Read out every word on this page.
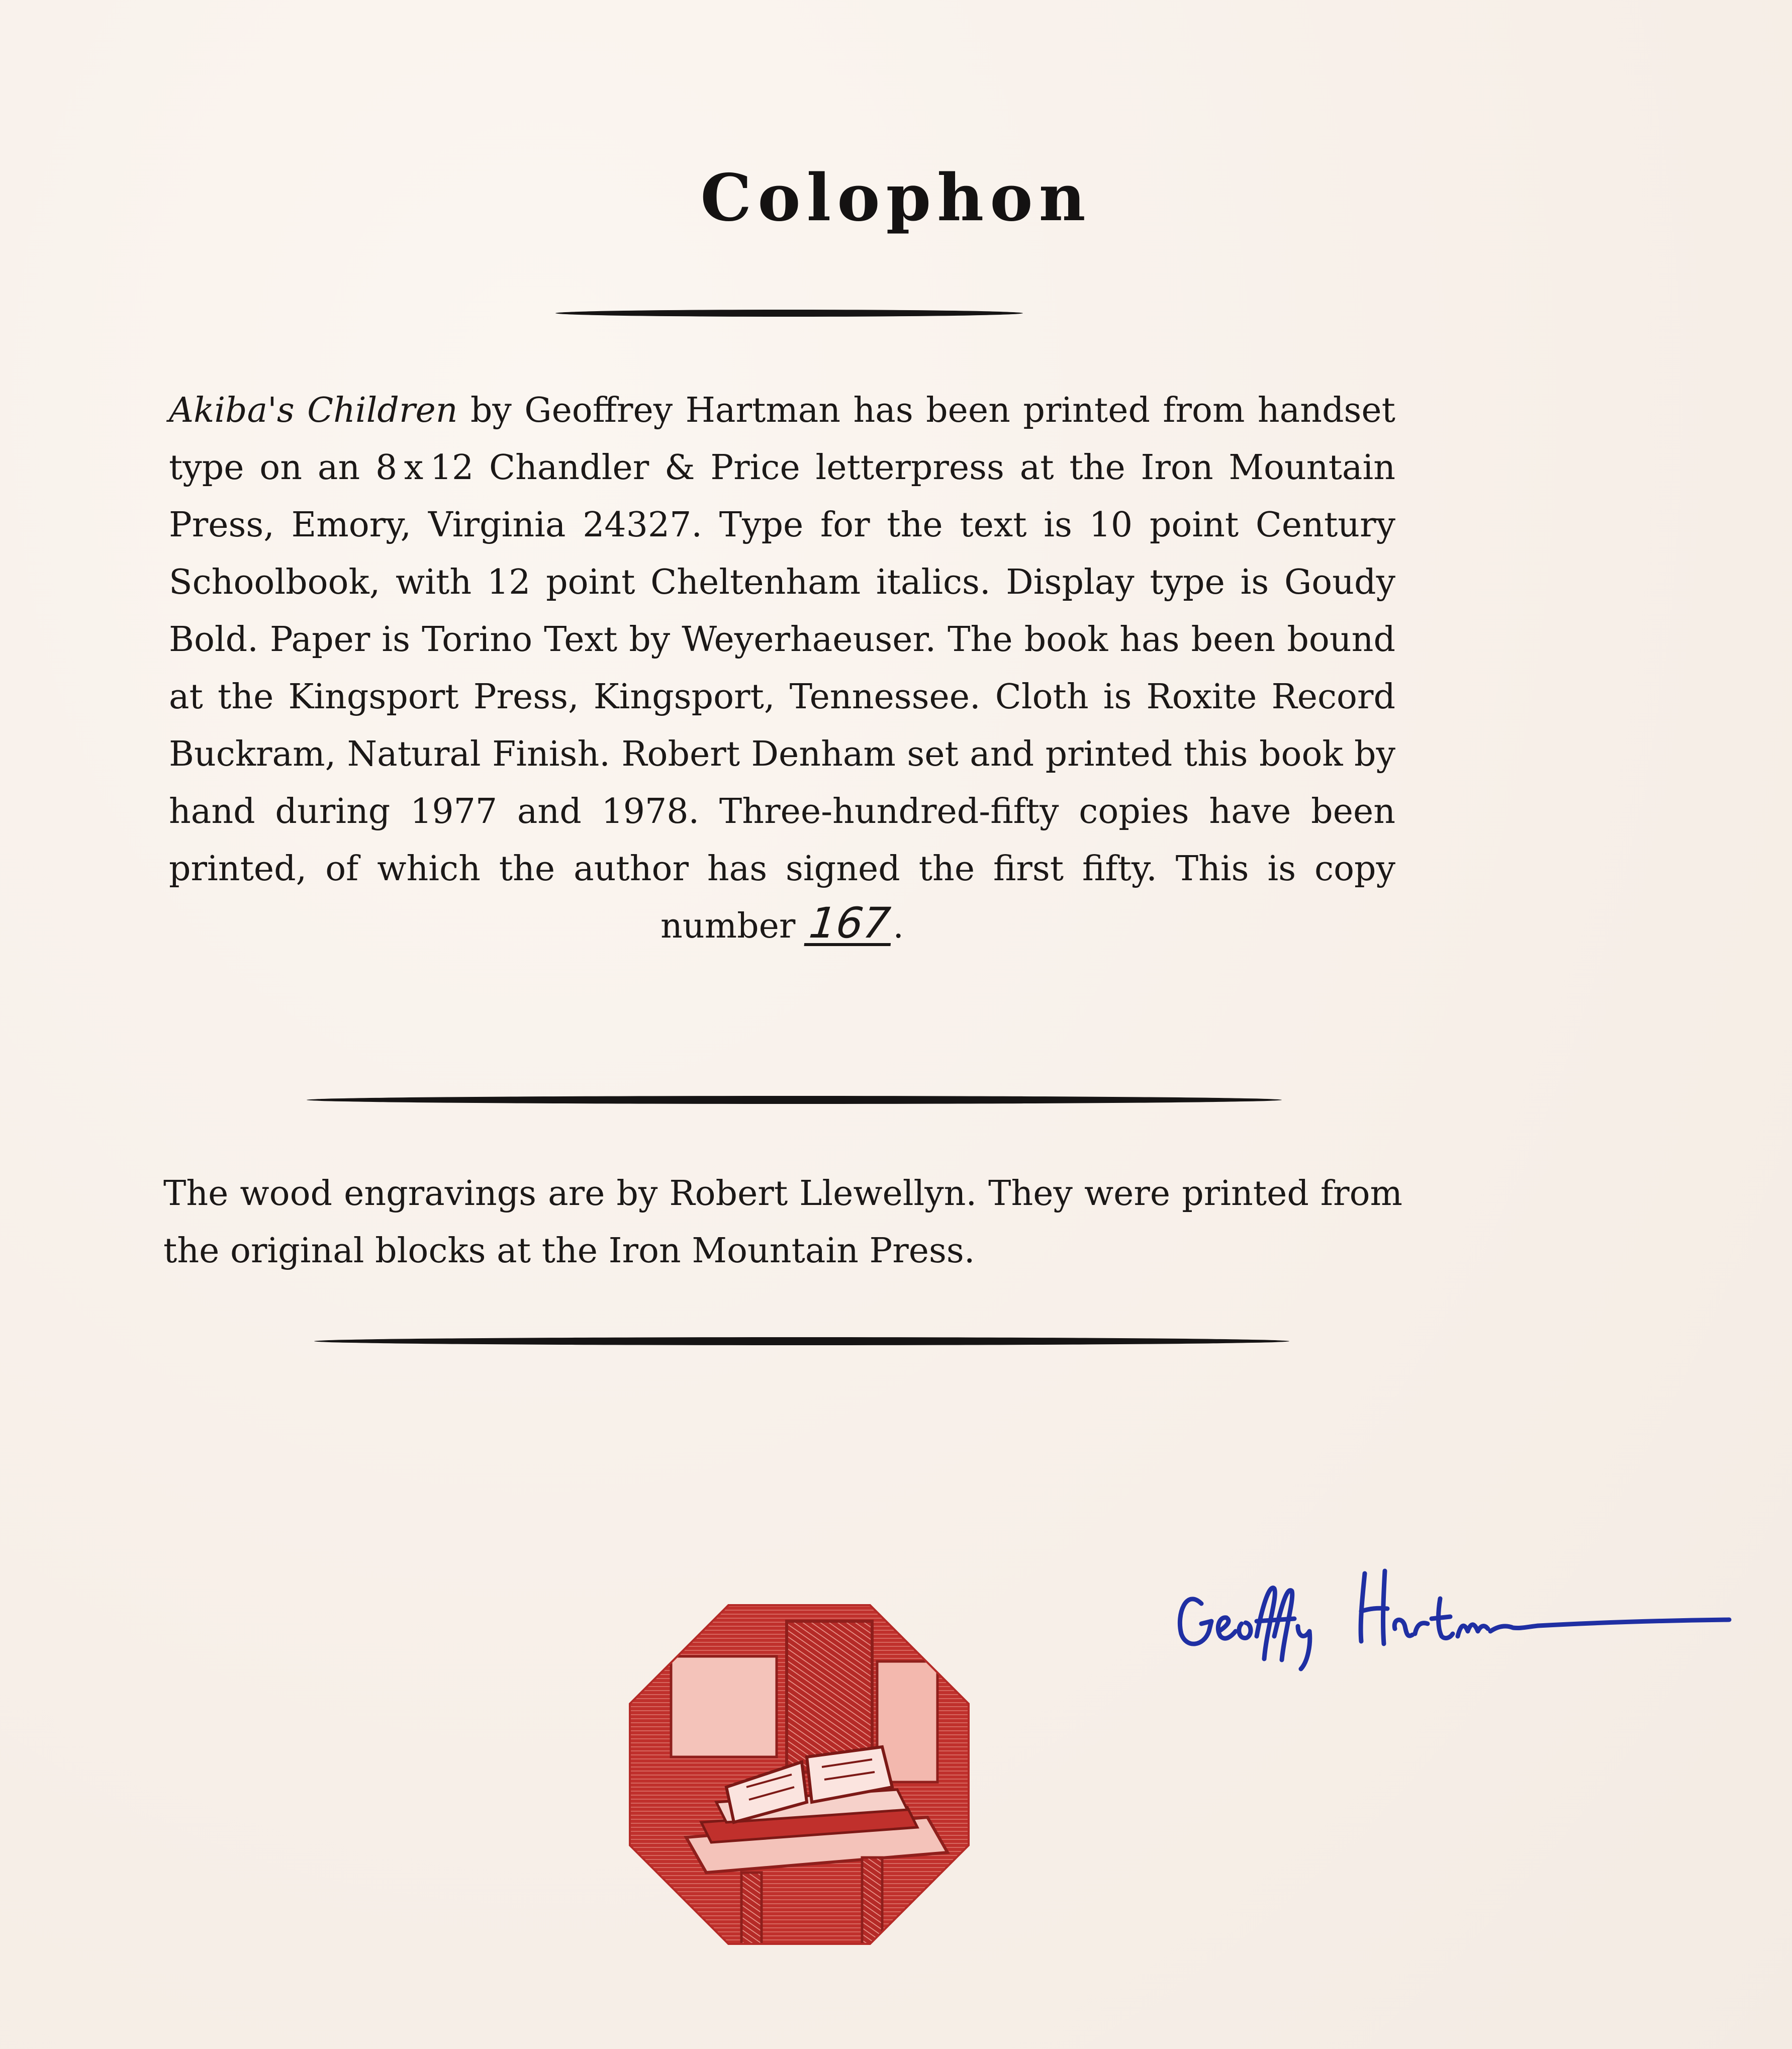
Colophon

Akiba's Children by Geoffrey Hartman has been printed from handset type on an 8 x 12 Chandler & Price letterpress at the Iron Mountain Press, Emory, Virginia 24327. Type for the text is 10 point Century Schoolbook, with 12 point Cheltenham italics. Display type is Goudy Bold. Paper is Torino Text by Weyerhaeuser. The book has been bound at the Kingsport Press, Kingsport, Tennessee. Cloth is Roxite Record Buckram, Natural Finish. Robert Denham set and printed this book by hand during 1977 and 1978. Three-hundred-fifty copies have been printed, of which the author has signed the first fifty. This is copy number 167.

The wood engravings are by Robert Llewellyn. They were printed from the original blocks at the Iron Mountain Press.
